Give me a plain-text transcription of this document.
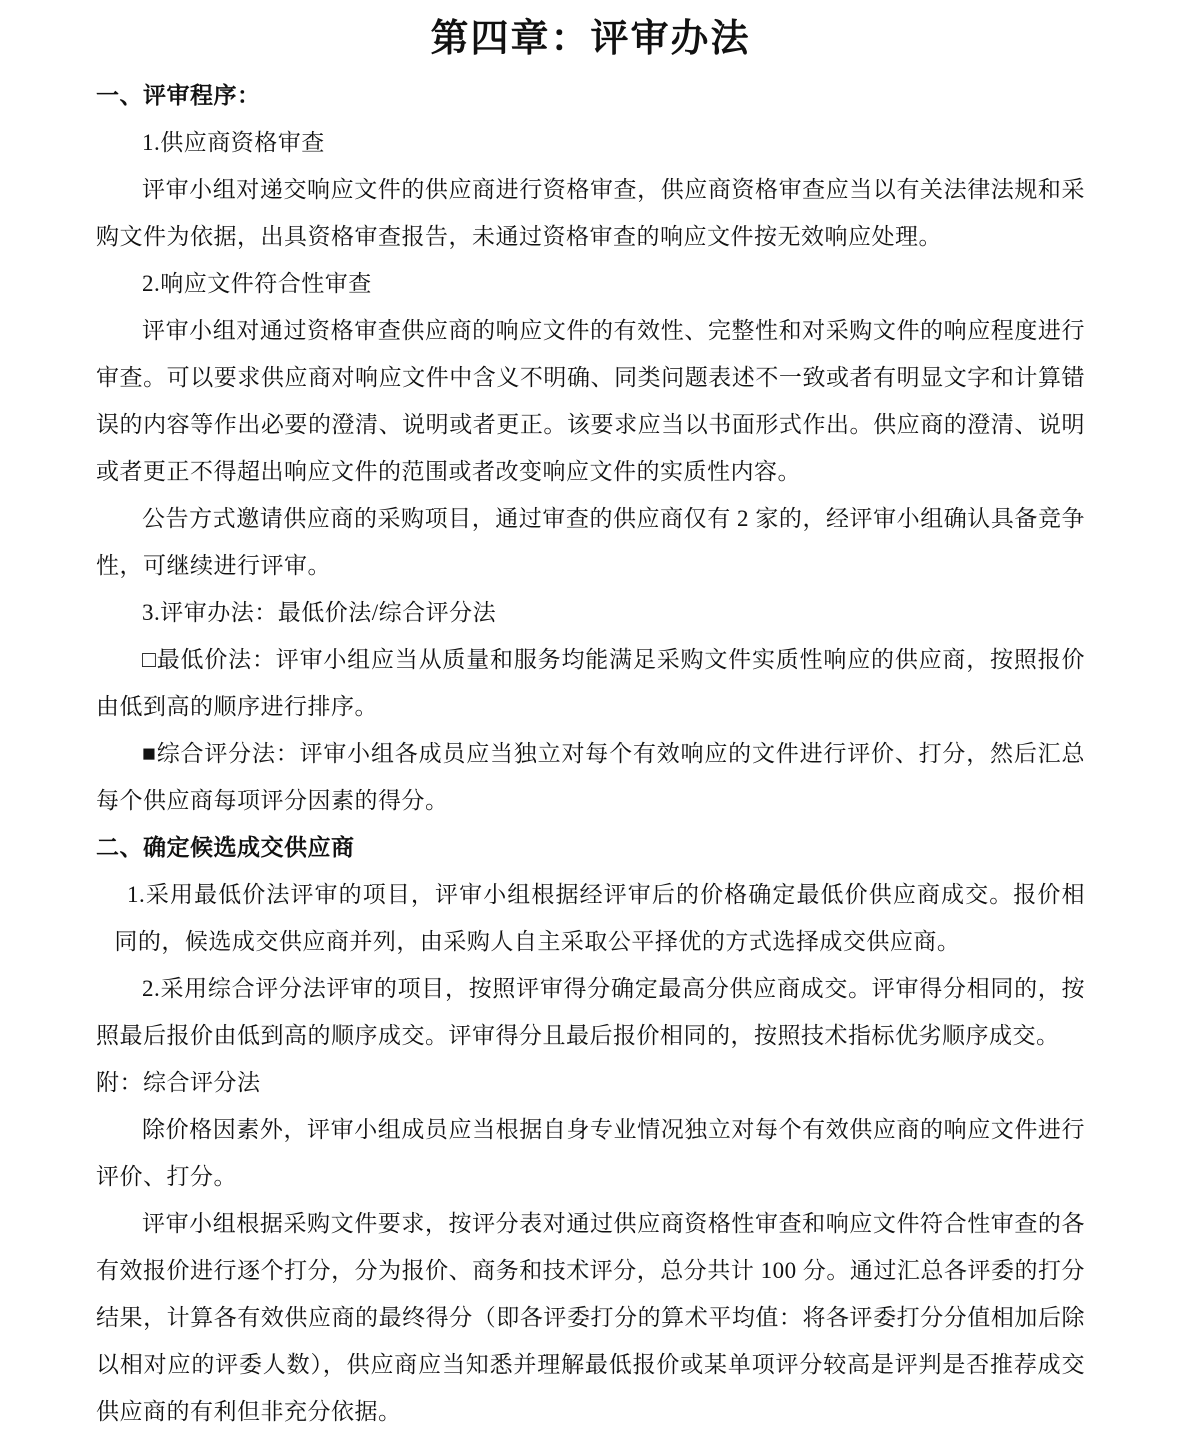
第四章：评审办法

一、评审程序：

1.供应商资格审查

评审小组对递交响应文件的供应商进行资格审查，供应商资格审查应当以有关法律法规和采购文件为依据，出具资格审查报告，未通过资格审查的响应文件按无效响应处理。

2.响应文件符合性审查

评审小组对通过资格审查供应商的响应文件的有效性、完整性和对采购文件的响应程度进行审查。可以要求供应商对响应文件中含义不明确、同类问题表述不一致或者有明显文字和计算错误的内容等作出必要的澄清、说明或者更正。该要求应当以书面形式作出。供应商的澄清、说明或者更正不得超出响应文件的范围或者改变响应文件的实质性内容。

公告方式邀请供应商的采购项目，通过审查的供应商仅有 2 家的，经评审小组确认具备竞争性，可继续进行评审。

3.评审办法：最低价法/综合评分法

□最低价法：评审小组应当从质量和服务均能满足采购文件实质性响应的供应商，按照报价由低到高的顺序进行排序。

■综合评分法：评审小组各成员应当独立对每个有效响应的文件进行评价、打分，然后汇总每个供应商每项评分因素的得分。

二、确定候选成交供应商

1.采用最低价法评审的项目，评审小组根据经评审后的价格确定最低价供应商成交。报价相同的，候选成交供应商并列，由采购人自主采取公平择优的方式选择成交供应商。

2.采用综合评分法评审的项目，按照评审得分确定最高分供应商成交。评审得分相同的，按照最后报价由低到高的顺序成交。评审得分且最后报价相同的，按照技术指标优劣顺序成交。

附：综合评分法

除价格因素外，评审小组成员应当根据自身专业情况独立对每个有效供应商的响应文件进行评价、打分。

评审小组根据采购文件要求，按评分表对通过供应商资格性审查和响应文件符合性审查的各有效报价进行逐个打分，分为报价、商务和技术评分，总分共计 100 分。通过汇总各评委的打分结果，计算各有效供应商的最终得分（即各评委打分的算术平均值：将各评委打分分值相加后除以相对应的评委人数），供应商应当知悉并理解最低报价或某单项评分较高是评判是否推荐成交供应商的有利但非充分依据。
